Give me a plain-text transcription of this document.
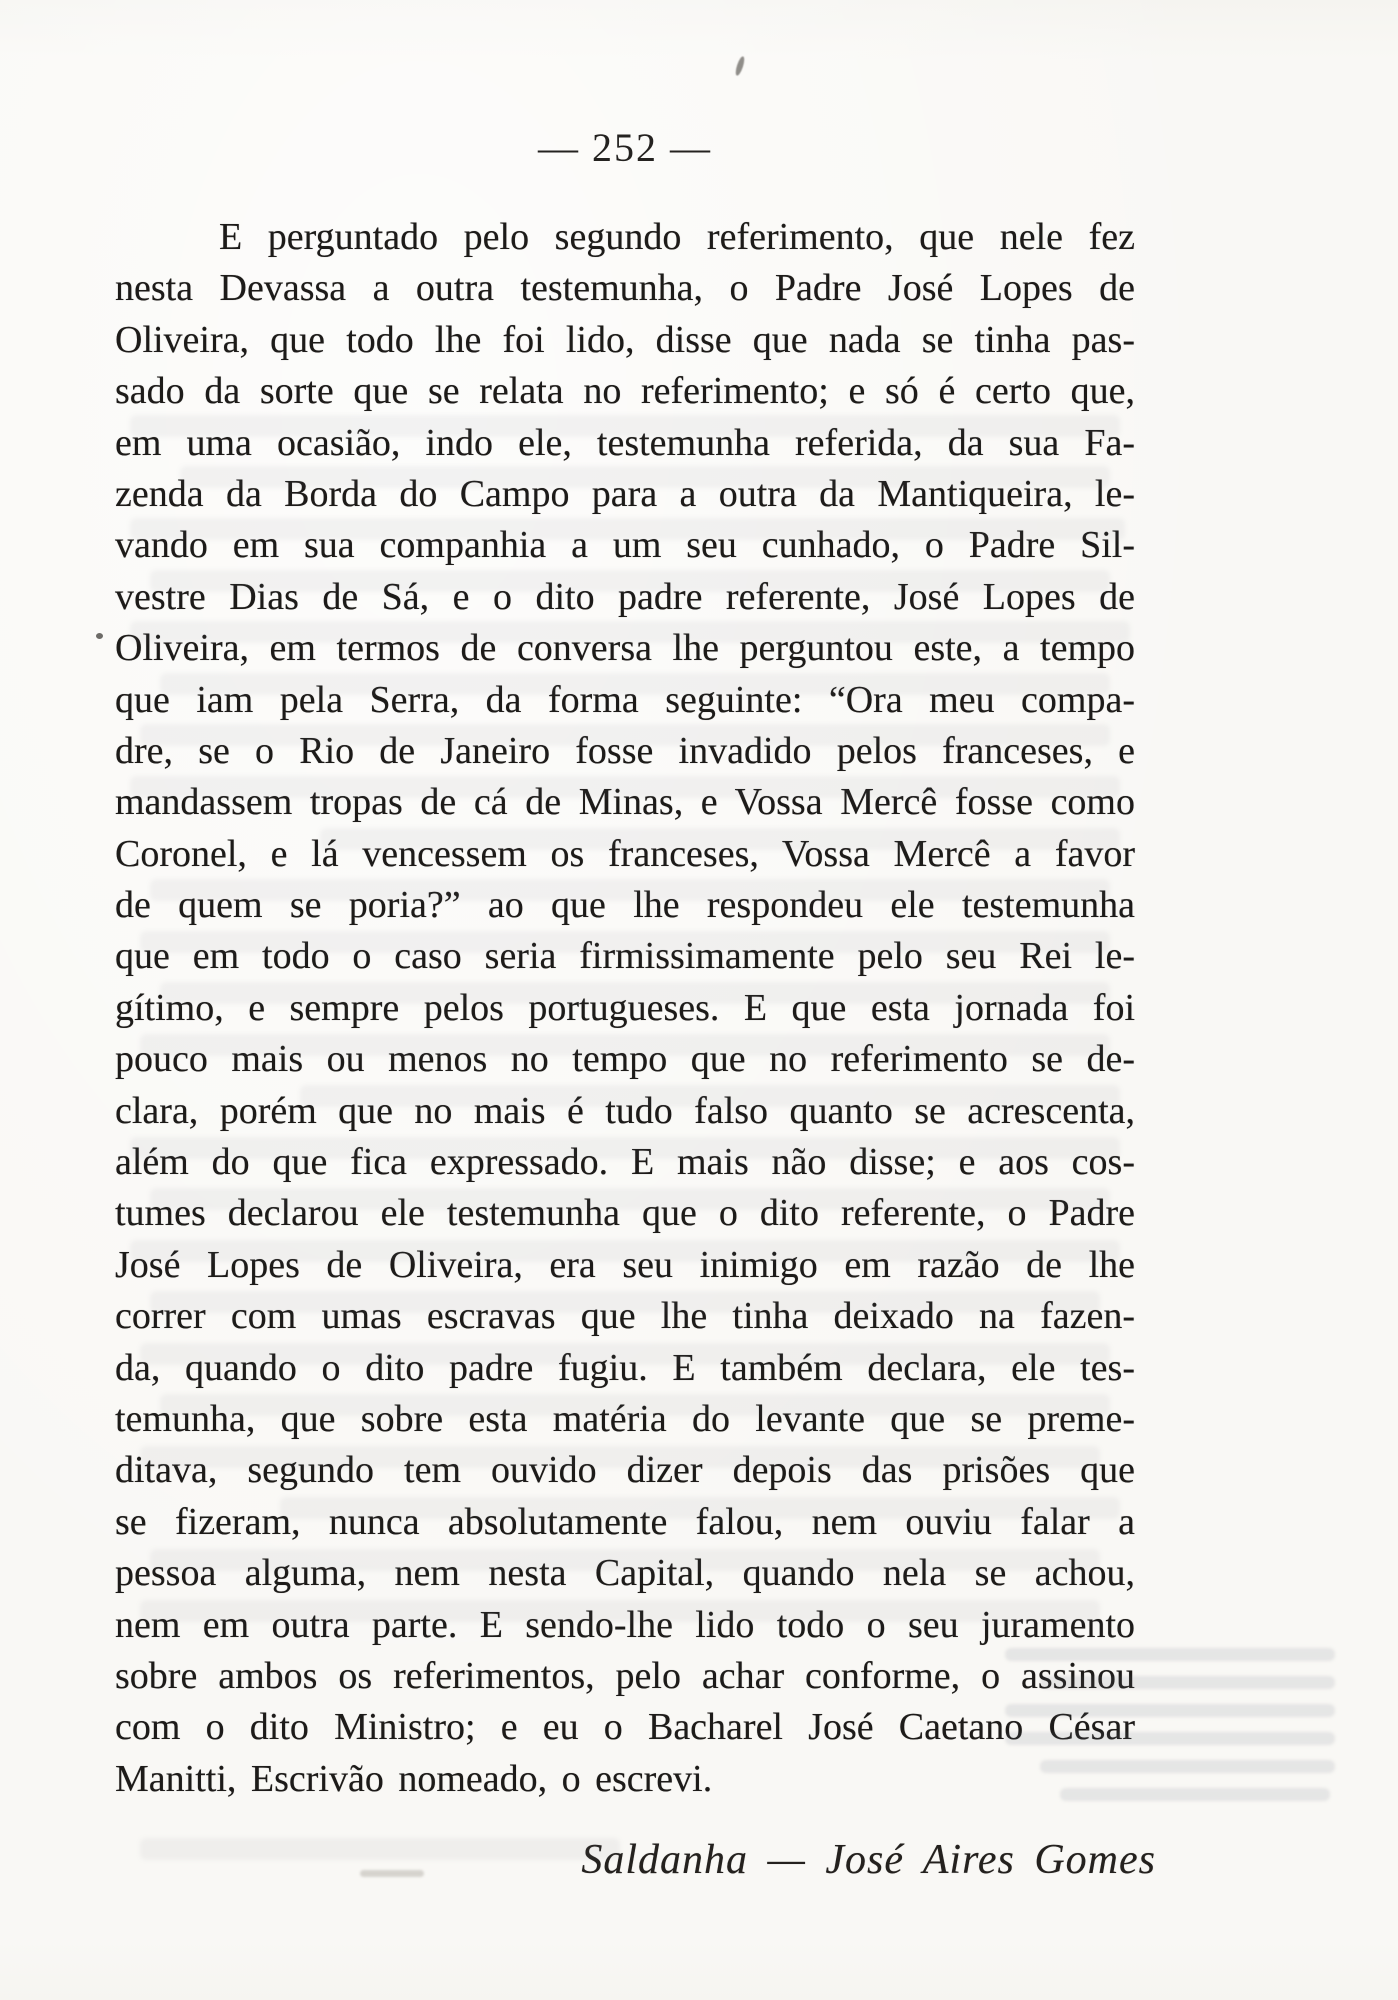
— 252 —
E perguntado pelo segundo referimento, que nele fez
nesta Devassa a outra testemunha, o Padre José Lopes de
Oliveira, que todo lhe foi lido, disse que nada se tinha pas-
sado da sorte que se relata no referimento; e só é certo que,
em uma ocasião, indo ele, testemunha referida, da sua Fa-
zenda da Borda do Campo para a outra da Mantiqueira, le-
vando em sua companhia a um seu cunhado, o Padre Sil-
vestre Dias de Sá, e o dito padre referente, José Lopes de
Oliveira, em termos de conversa lhe perguntou este, a tempo
que iam pela Serra, da forma seguinte: “Ora meu compa-
dre, se o Rio de Janeiro fosse invadido pelos franceses, e
mandassem tropas de cá de Minas, e Vossa Mercê fosse como
Coronel, e lá vencessem os franceses, Vossa Mercê a favor
de quem se poria?” ao que lhe respondeu ele testemunha
que em todo o caso seria firmissimamente pelo seu Rei le-
gítimo, e sempre pelos portugueses. E que esta jornada foi
pouco mais ou menos no tempo que no referimento se de-
clara, porém que no mais é tudo falso quanto se acrescenta,
além do que fica expressado. E mais não disse; e aos cos-
tumes declarou ele testemunha que o dito referente, o Padre
José Lopes de Oliveira, era seu inimigo em razão de lhe
correr com umas escravas que lhe tinha deixado na fazen-
da, quando o dito padre fugiu. E também declara, ele tes-
temunha, que sobre esta matéria do levante que se preme-
ditava, segundo tem ouvido dizer depois das prisões que
se fizeram, nunca absolutamente falou, nem ouviu falar a
pessoa alguma, nem nesta Capital, quando nela se achou,
nem em outra parte. E sendo-lhe lido todo o seu juramento
sobre ambos os referimentos, pelo achar conforme, o assinou
com o dito Ministro; e eu o Bacharel José Caetano César
Manitti, Escrivão nomeado, o escrevi.
Saldanha — José Aires Gomes
